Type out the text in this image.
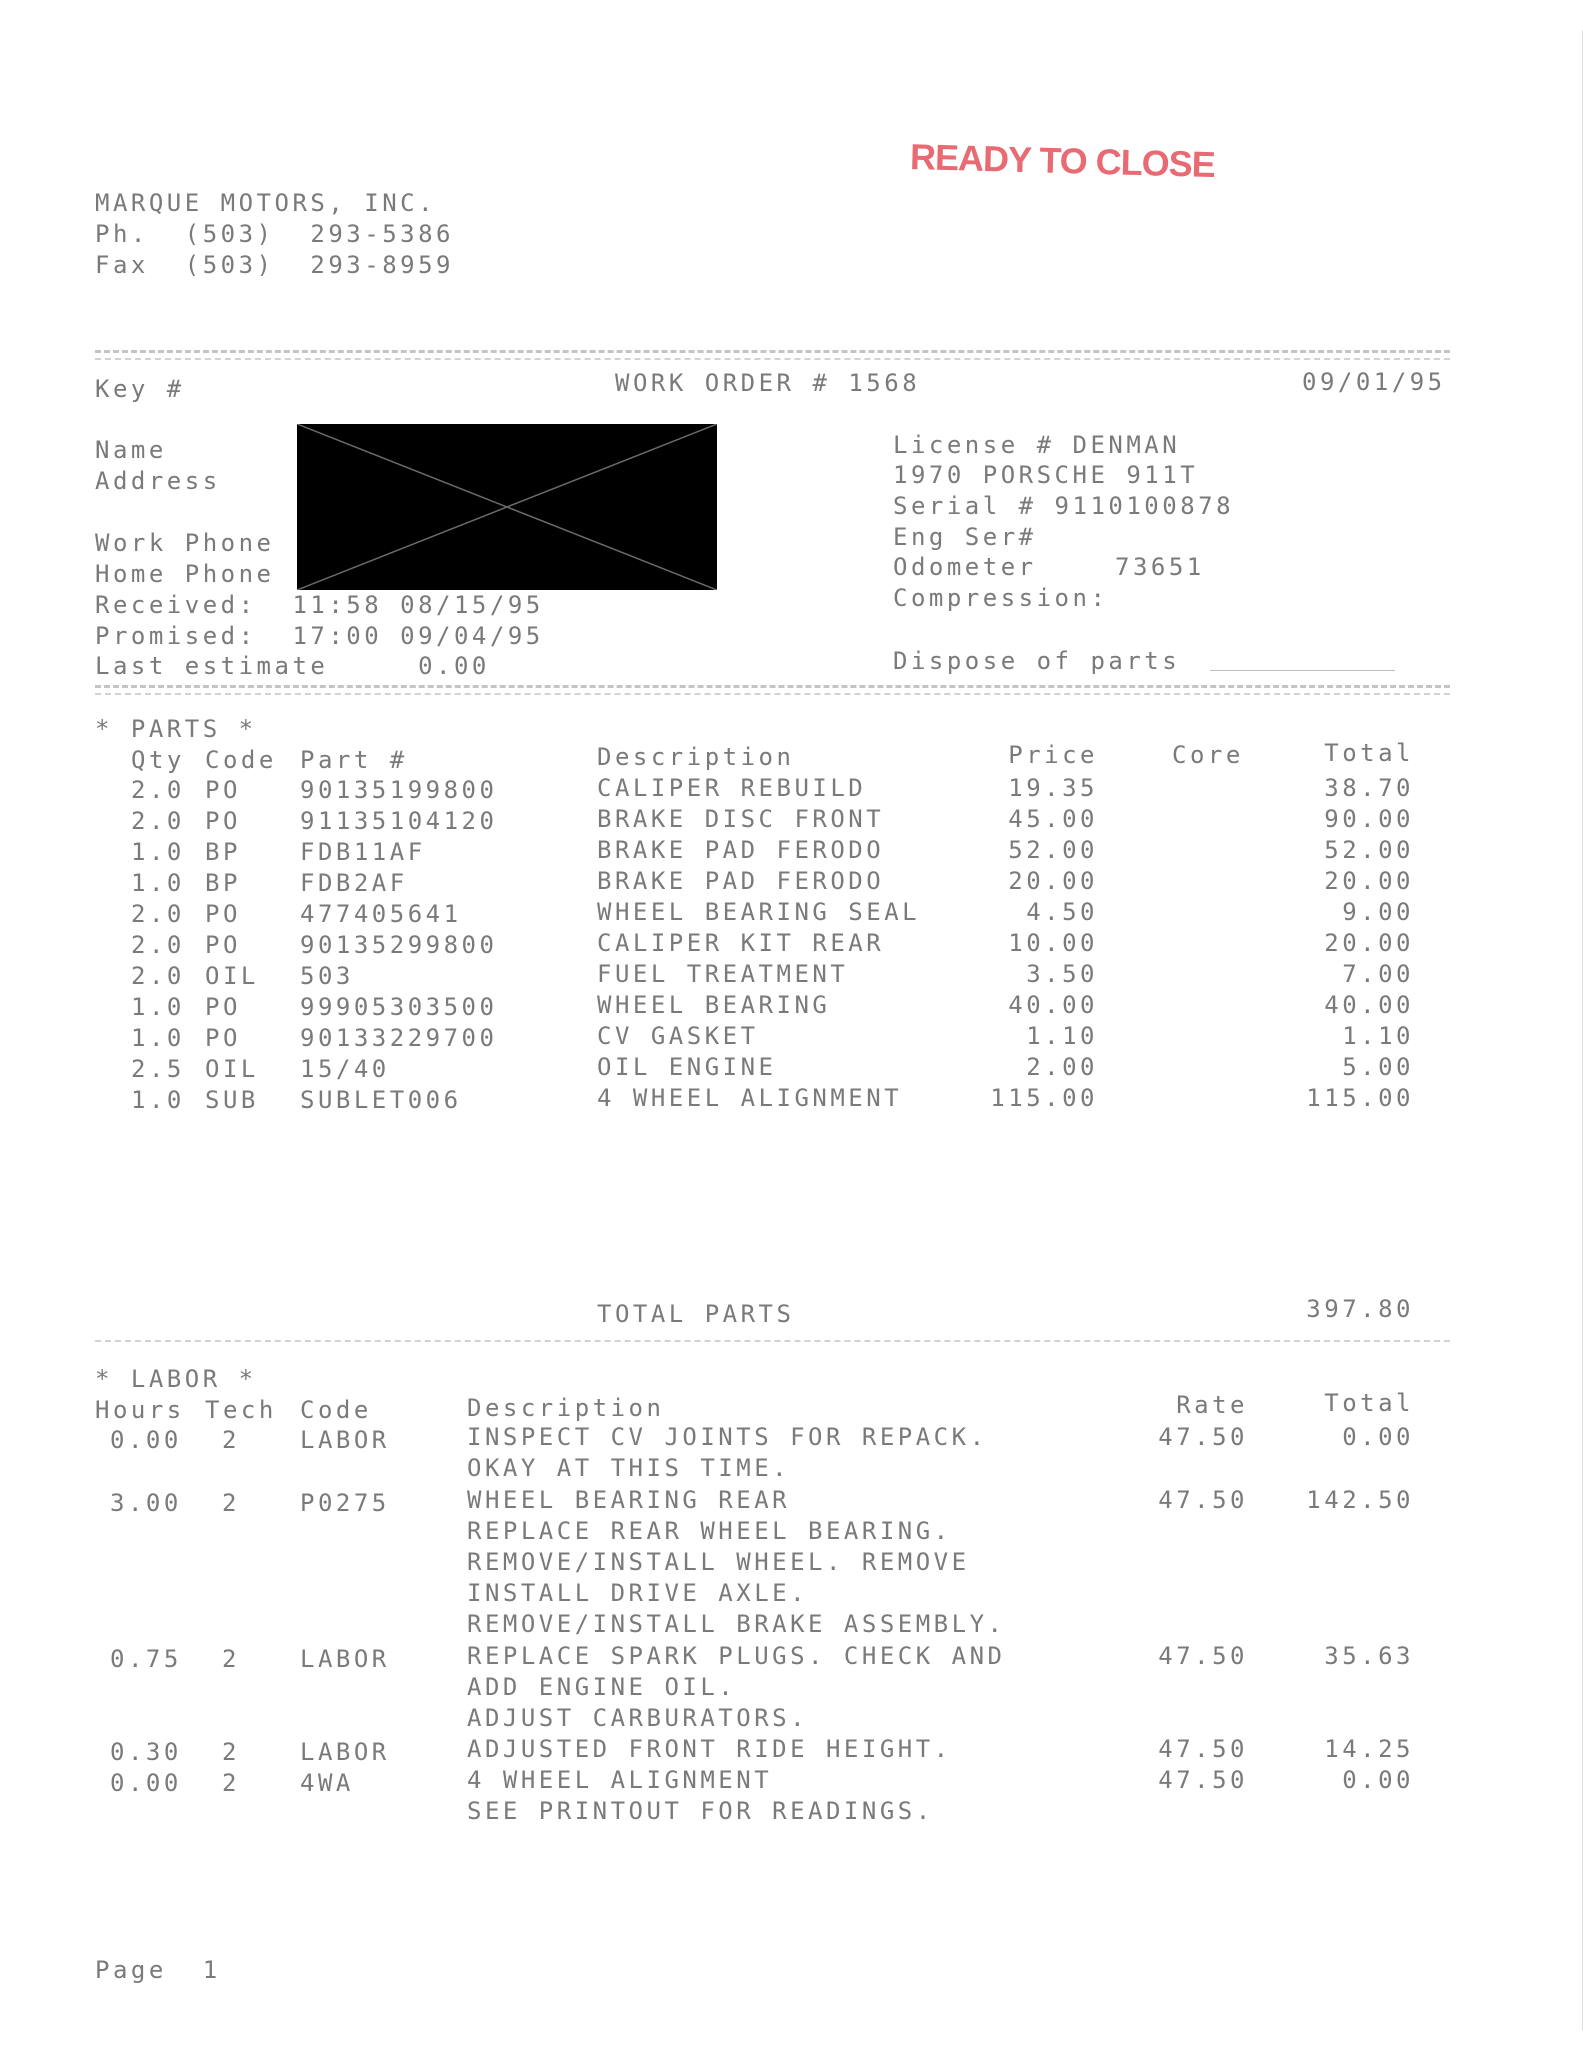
READY TO CLOSE
MARQUE MOTORS, INC.
Ph.  (503)  293-5386
Fax  (503)  293-8959
Key #	WORK ORDER # 1568	09/01/95
Name
Address
Work Phone
Home Phone
Received:  11:58 08/15/95
Promised:  17:00 09/04/95
Last estimate     0.00
License # DENMAN
1970 PORSCHE 911T
Serial # 9110100878
Eng Ser#
Odometer	73651
Compression:
Dispose of parts
* PARTS *
Qty Code Part #	Description	Price	Core	Total
2.0 PO 90135199800	CALIPER REBUILD	19.35	38.70
2.0 PO 91135104120	BRAKE DISC FRONT	45.00	90.00
1.0 BP FDB11AF	BRAKE PAD FERODO	52.00	52.00
1.0 BP FDB2AF	BRAKE PAD FERODO	20.00	20.00
2.0 PO 477405641	WHEEL BEARING SEAL	4.50	9.00
2.0 PO 90135299800	CALIPER KIT REAR	10.00	20.00
2.0 OIL 503	FUEL TREATMENT	3.50	7.00
1.0 PO 99905303500	WHEEL BEARING	40.00	40.00
1.0 PO 90133229700	CV GASKET	1.10	1.10
2.5 OIL 15/40	OIL ENGINE	2.00	5.00
1.0 SUB SUBLET006	4 WHEEL ALIGNMENT	115.00	115.00
TOTAL PARTS	397.80
* LABOR *
Hours Tech Code	Description	Rate	Total
0.00 2	LABOR	47.50	0.00
INSPECT CV JOINTS FOR REPACK.
OKAY AT THIS TIME.
3.00 2	P0275	47.50	142.50
WHEEL BEARING REAR
REPLACE REAR WHEEL BEARING.
REMOVE/INSTALL WHEEL. REMOVE
INSTALL DRIVE AXLE.
REMOVE/INSTALL BRAKE ASSEMBLY.
0.75 2	LABOR	47.50	35.63
REPLACE SPARK PLUGS. CHECK AND
ADD ENGINE OIL.
ADJUST CARBURATORS.
0.30 2	LABOR	47.50	14.25
ADJUSTED FRONT RIDE HEIGHT.
0.00 2	4WA	47.50	0.00
4 WHEEL ALIGNMENT
SEE PRINTOUT FOR READINGS.
Page  1
